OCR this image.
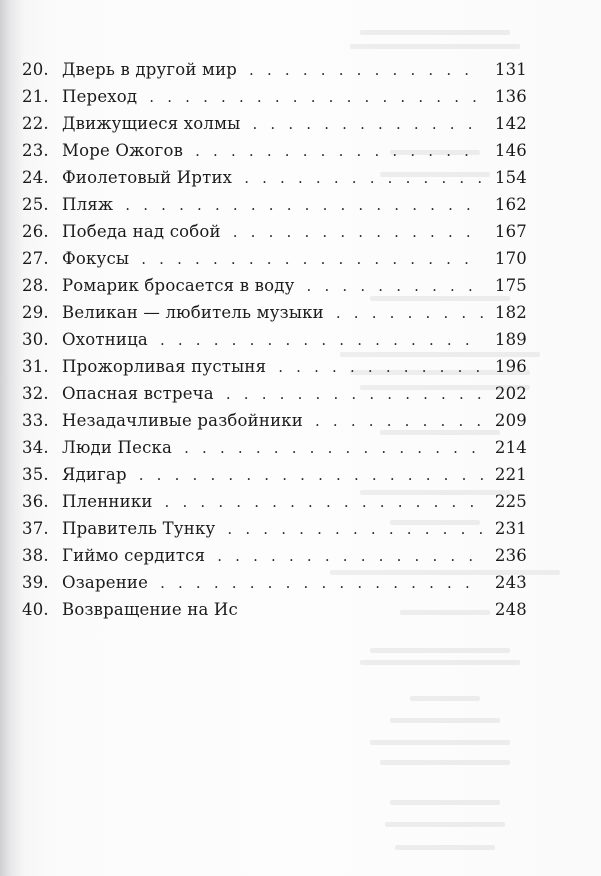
20. Дверь в другой мир . . .	131
21. Переход . . .	136
22. Движущиеся холмы . . .	142
23. Море Ожогов . . .	146
24. Фиолетовый Иртих . . .	154
25. Пляж . . .	162
26. Победа над собой . . .	167
27. Фокусы . . .	170
28. Ромарик бросается в воду . . .	175
29. Великан — любитель музыки . . .	182
30. Охотница . . .	189
31. Прожорливая пустыня . . .	196
32. Опасная встреча . . .	202
33. Незадачливые разбойники . . .	209
34. Люди Песка . . .	214
35. Ядигар . . .	221
36. Пленники . . .	225
37. Правитель Тунку . . .	231
38. Гиймо сердится . . .	236
39. Озарение . . .	243
40. Возвращение на Ис	248
